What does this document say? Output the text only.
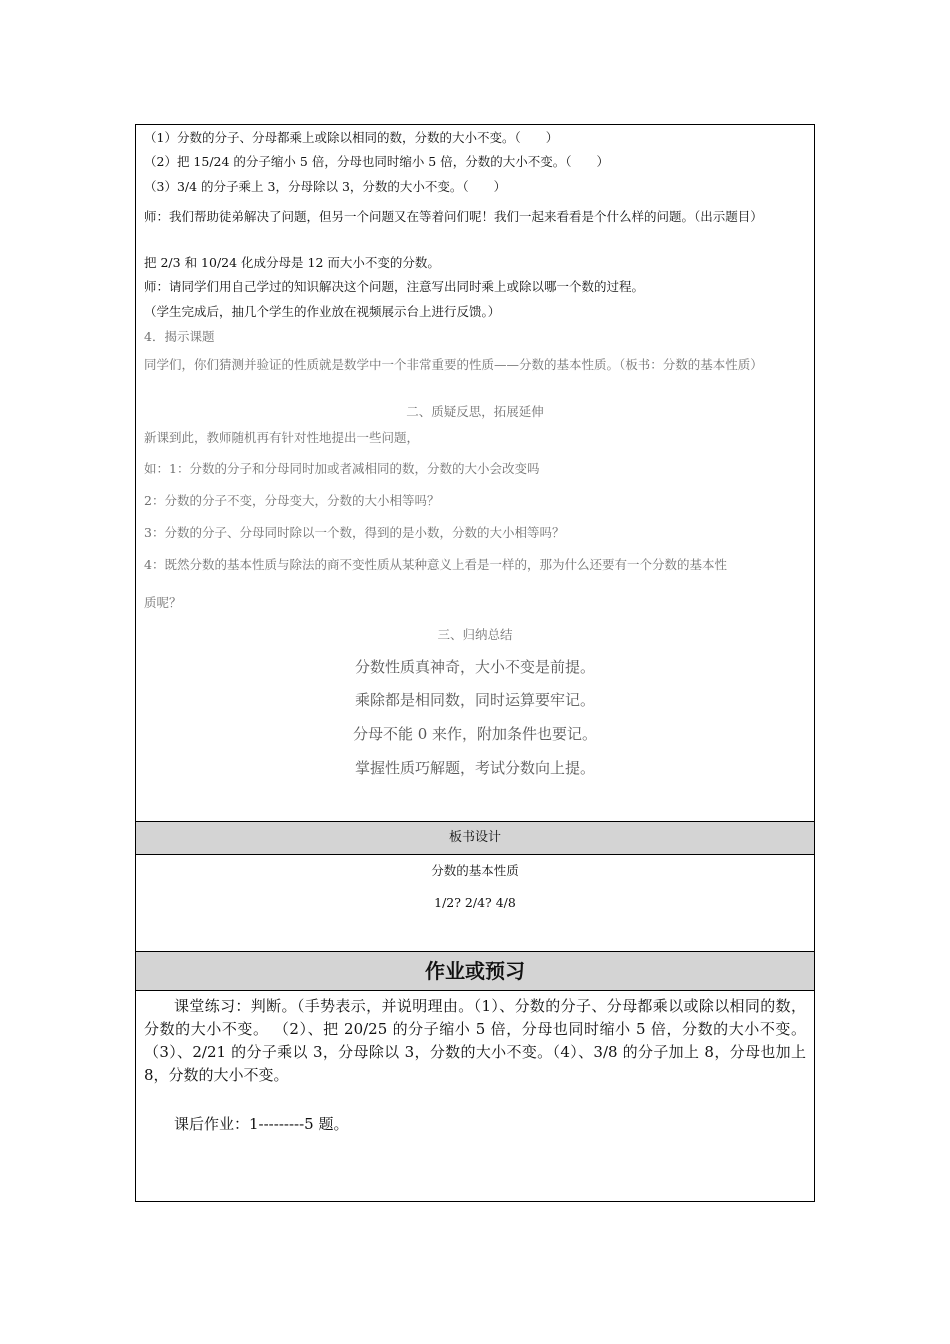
（1）分数的分子、分母都乘上或除以相同的数，分数的大小不变。（　　）
（2）把 15/24 的分子缩小 5 倍，分母也同时缩小 5 倍，分数的大小不变。（　　）
（3）3/4 的分子乘上 3，分母除以 3，分数的大小不变。（　　）
师：我们帮助徒弟解决了问题，但另一个问题又在等着问们呢！我们一起来看看是个什么样的问题。（出示题目）
把 2/3 和 10/24 化成分母是 12 而大小不变的分数。
师：请同学们用自己学过的知识解决这个问题，注意写出同时乘上或除以哪一个数的过程。
（学生完成后，抽几个学生的作业放在视频展示台上进行反馈。）
4．揭示课题
同学们，你们猜测并验证的性质就是数学中一个非常重要的性质——分数的基本性质。（板书：分数的基本性质）
二、质疑反思，拓展延伸
新课到此，教师随机再有针对性地提出一些问题，
如：1：分数的分子和分母同时加或者减相同的数，分数的大小会改变吗
2：分数的分子不变，分母变大，分数的大小相等吗？
3：分数的分子、分母同时除以一个数，得到的是小数，分数的大小相等吗？
4：既然分数的基本性质与除法的商不变性质从某种意义上看是一样的，那为什么还要有一个分数的基本性
质呢？
三、归纳总结
分数性质真神奇，大小不变是前提。
乘除都是相同数，同时运算要牢记。
分母不能 0 来作，附加条件也要记。
掌握性质巧解题，考试分数向上提。
板书设计
分数的基本性质
1/2? 2/4? 4/8
作业或预习
课堂练习：判断。（手势表示，并说明理由。（1）、分数的分子、分母都乘以或除以相同的数，分数的大小不变。 （2）、把 20/25 的分子缩小 5 倍，分母也同时缩小 5 倍，分数的大小不变。（3）、2/21 的分子乘以 3，分母除以 3，分数的大小不变。（4）、3/8 的分子加上 8，分母也加上 8，分数的大小不变。
课后作业：1---------5 题。
